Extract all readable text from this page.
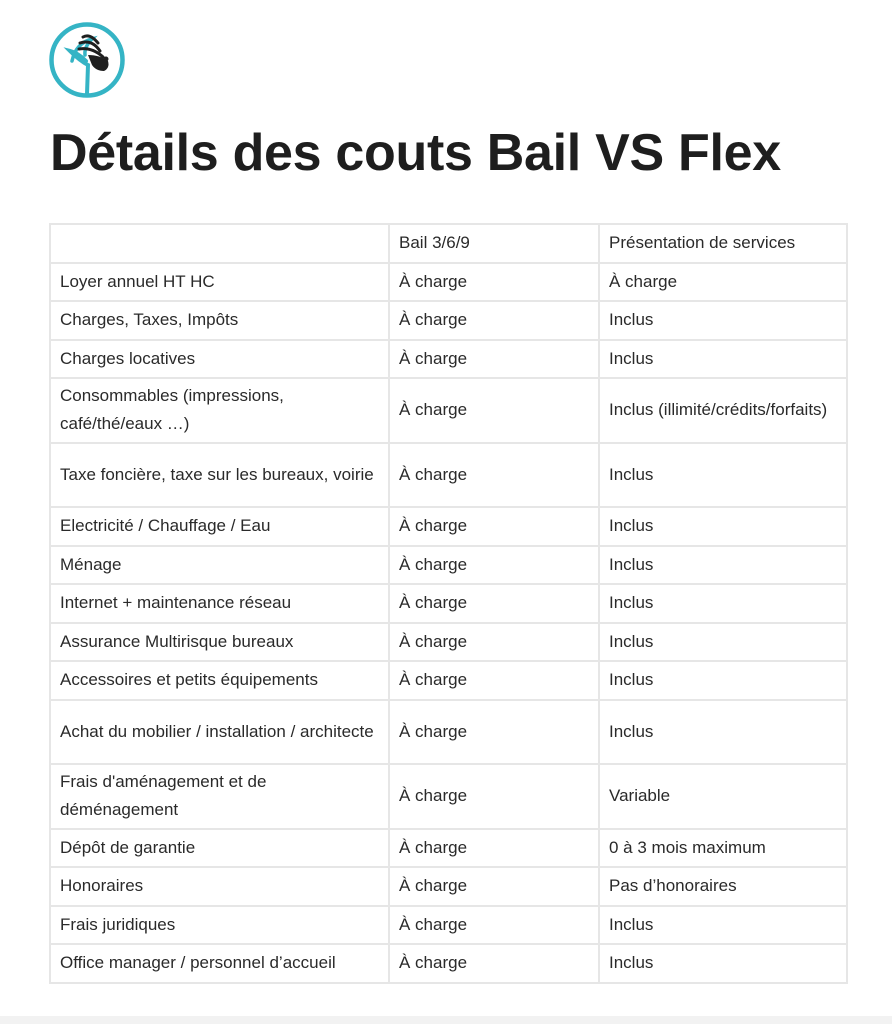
Détails des couts Bail VS Flex
	Bail 3/6/9	Présentation de services
Loyer annuel HT HC	À charge	À charge
Charges, Taxes, Impôts	À charge	Inclus
Charges locatives	À charge	Inclus
Consommables (impressions, café/thé/eaux …)	À charge	Inclus (illimité/crédits/forfaits)
Taxe foncière, taxe sur les bureaux, voirie	À charge	Inclus
Electricité / Chauffage / Eau	À charge	Inclus
Ménage	À charge	Inclus
Internet + maintenance réseau	À charge	Inclus
Assurance Multirisque bureaux	À charge	Inclus
Accessoires et petits équipements	À charge	Inclus
Achat du mobilier / installation / architecte	À charge	Inclus
Frais d'aménagement et de déménagement	À charge	Variable
Dépôt de garantie	À charge	0 à 3 mois maximum
Honoraires	À charge	Pas d’honoraires
Frais juridiques	À charge	Inclus
Office manager / personnel d’accueil	À charge	Inclus
